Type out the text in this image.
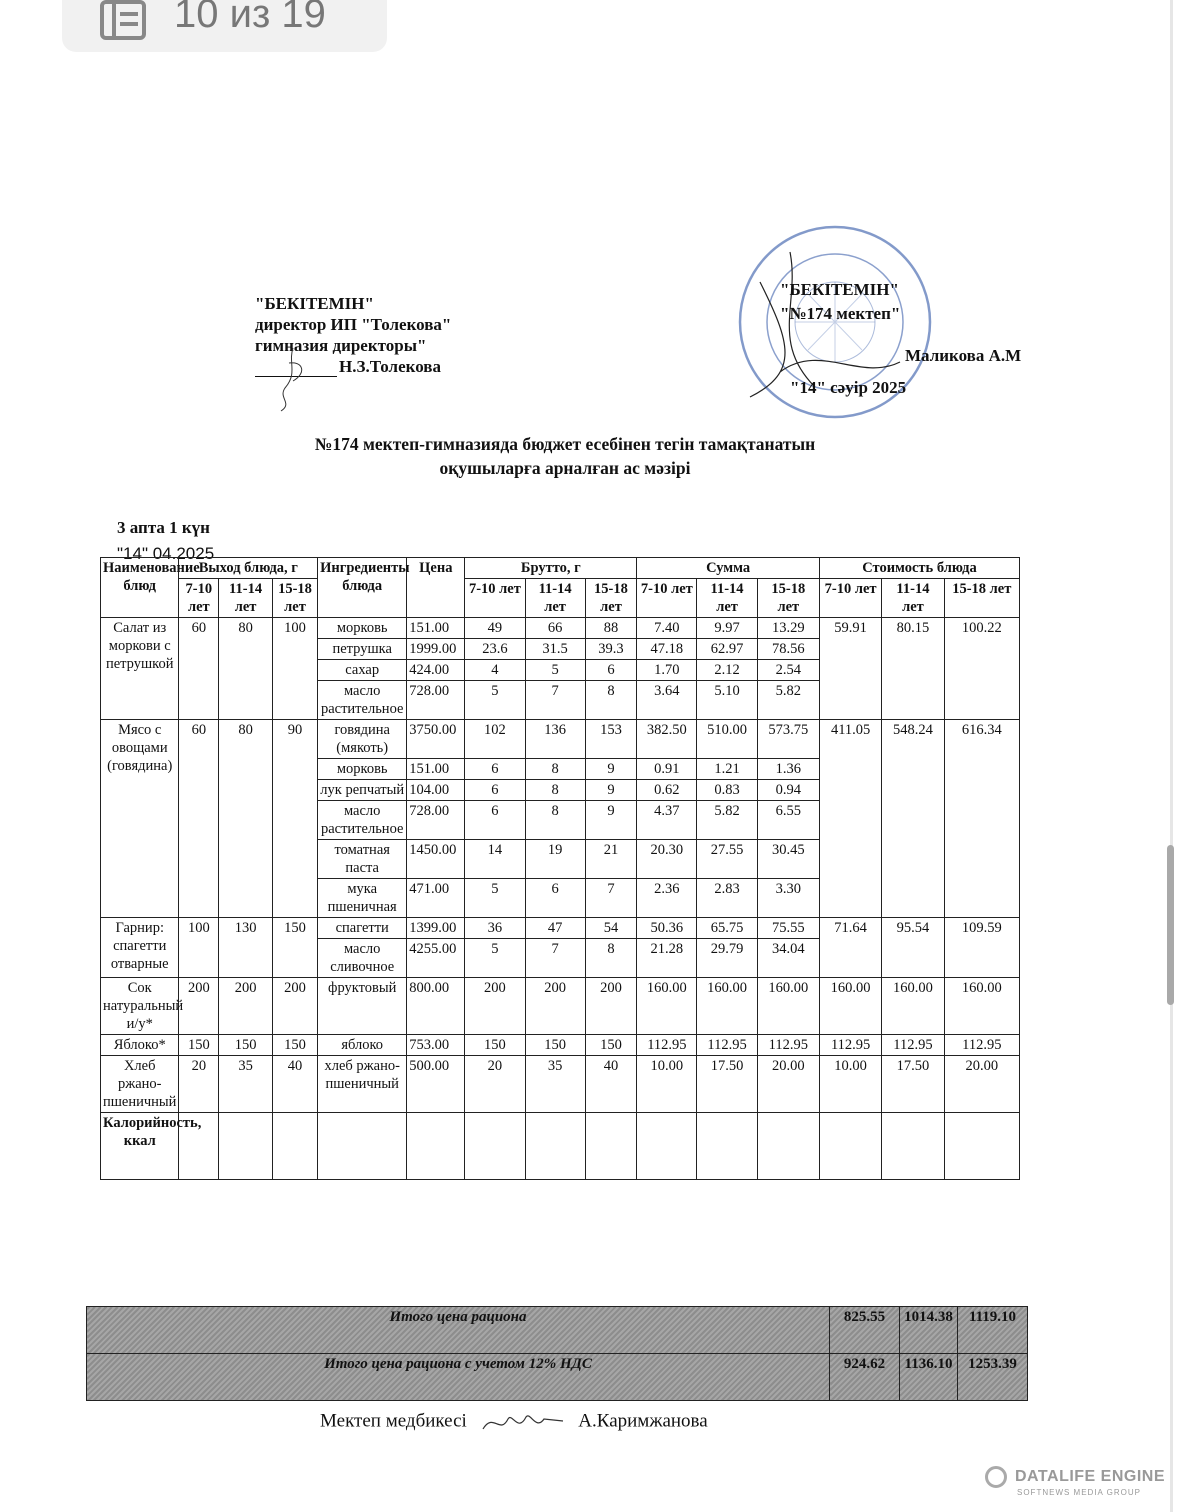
10 из 19
"БЕКІТЕМІН"
директор ИП "Толекова"
гимназия директоры"
Н.З.Толекова
"БЕКІТЕМІН"
"№174 мектеп"
Маликова А.М
"14" сәуір 2025
№174 мектеп-гимназияда бюджет есебінен тегін тамақтанатын
оқушыларға арналған ас мәзірі
3 апта 1 күн
"14" 04.2025
Наименование блюд	Выход блюда, г			Ингредиенты блюда	Цена	Брутто, г			Сумма			Стоимость блюда		
	7-10 лет	11-14 лет	15-18 лет			7-10 лет	11-14 лет	15-18 лет	7-10 лет	11-14 лет	15-18 лет	7-10 лет	11-14 лет	15-18 лет
Салат из моркови с петрушкой	60	80	100	морковь	151.00	49	66	88	7.40	9.97	13.29	59.91	80.15	100.22
				петрушка	1999.00	23.6	31.5	39.3	47.18	62.97	78.56			
				сахар	424.00	4	5	6	1.70	2.12	2.54			
				масло растительное	728.00	5	7	8	3.64	5.10	5.82			
Мясо с овощами (говядина)	60	80	90	говядина (мякоть)	3750.00	102	136	153	382.50	510.00	573.75	411.05	548.24	616.34
				морковь	151.00	6	8	9	0.91	1.21	1.36			
				лук репчатый	104.00	6	8	9	0.62	0.83	0.94			
				масло растительное	728.00	6	8	9	4.37	5.82	6.55			
				томатная паста	1450.00	14	19	21	20.30	27.55	30.45			
				мука пшеничная	471.00	5	6	7	2.36	2.83	3.30			
Гарнир: спагетти отварные	100	130	150	спагетти	1399.00	36	47	54	50.36	65.75	75.55	71.64	95.54	109.59
				масло сливочное	4255.00	5	7	8	21.28	29.79	34.04			
Сок натуральный и/у*	200	200	200	фруктовый	800.00	200	200	200	160.00	160.00	160.00	160.00	160.00	160.00
Яблоко*	150	150	150	яблоко	753.00	150	150	150	112.95	112.95	112.95	112.95	112.95	112.95
Хлеб ржано-пшеничный	20	35	40	хлеб ржано-пшеничный	500.00	20	35	40	10.00	17.50	20.00	10.00	17.50	20.00
Калорийность, ккал														
Итого цена рациона	825.55	1014.38	1119.10
Итого цена рациона с учетом 12% НДС	924.62	1136.10	1253.39
Мектеп медбикесі	А.Каримжанова
DATALIFE ENGINE
SOFTNEWS MEDIA GROUP
